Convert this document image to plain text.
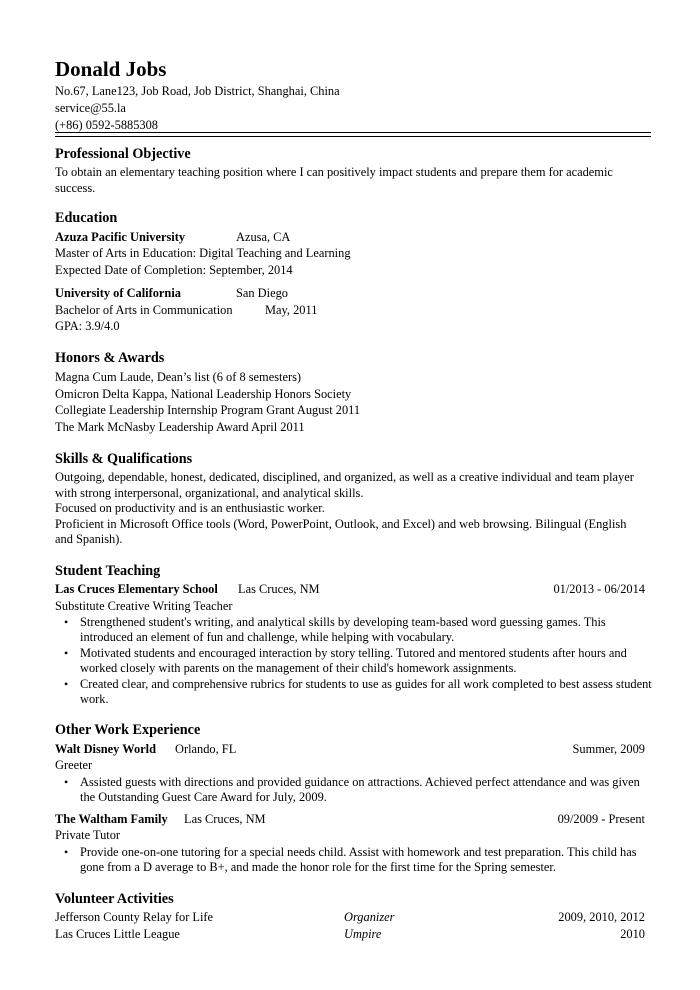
Donald Jobs
No.67, Lane123, Job Road, Job District, Shanghai, China
service@55.la
(+86) 0592-5885308
Professional Objective
To obtain an elementary teaching position where I can positively impact students and prepare them for academic
success.
Education
Azuza Pacific University	Azusa, CA
Master of Arts in Education: Digital Teaching and Learning
Expected Date of Completion: September, 2014
University of California	San Diego
Bachelor of Arts in Communication	May, 2011
GPA: 3.9/4.0
Honors & Awards
Magna Cum Laude, Dean’s list (6 of 8 semesters)
Omicron Delta Kappa, National Leadership Honors Society
Collegiate Leadership Internship Program Grant August 2011
The Mark McNasby Leadership Award April 2011
Skills & Qualifications
Outgoing, dependable, honest, dedicated, disciplined, and organized, as well as a creative individual and team player
with strong interpersonal, organizational, and analytical skills.
Focused on productivity and is an enthusiastic worker.
Proficient in Microsoft Office tools (Word, PowerPoint, Outlook, and Excel) and web browsing. Bilingual (English
and Spanish).
Student Teaching
Las Cruces Elementary School Las Cruces, NM	01/2013 - 06/2014
Substitute Creative Writing Teacher
• Strengthened student's writing, and analytical skills by developing team-based word guessing games. This
introduced an element of fun and challenge, while helping with vocabulary.
• Motivated students and encouraged interaction by story telling. Tutored and mentored students after hours and
worked closely with parents on the management of their child's homework assignments.
• Created clear, and comprehensive rubrics for students to use as guides for all work completed to best assess student
work.
Other Work Experience
Walt Disney World Orlando, FL	Summer, 2009
Greeter
• Assisted guests with directions and provided guidance on attractions. Achieved perfect attendance and was given
the Outstanding Guest Care Award for July, 2009.
The Waltham Family Las Cruces, NM	09/2009 - Present
Private Tutor
• Provide one-on-one tutoring for a special needs child. Assist with homework and test preparation. This child has
gone from a D average to B+, and made the honor role for the first time for the Spring semester.
Volunteer Activities
Jefferson County Relay for Life	Organizer	2009, 2010, 2012
Las Cruces Little League	Umpire	2010
